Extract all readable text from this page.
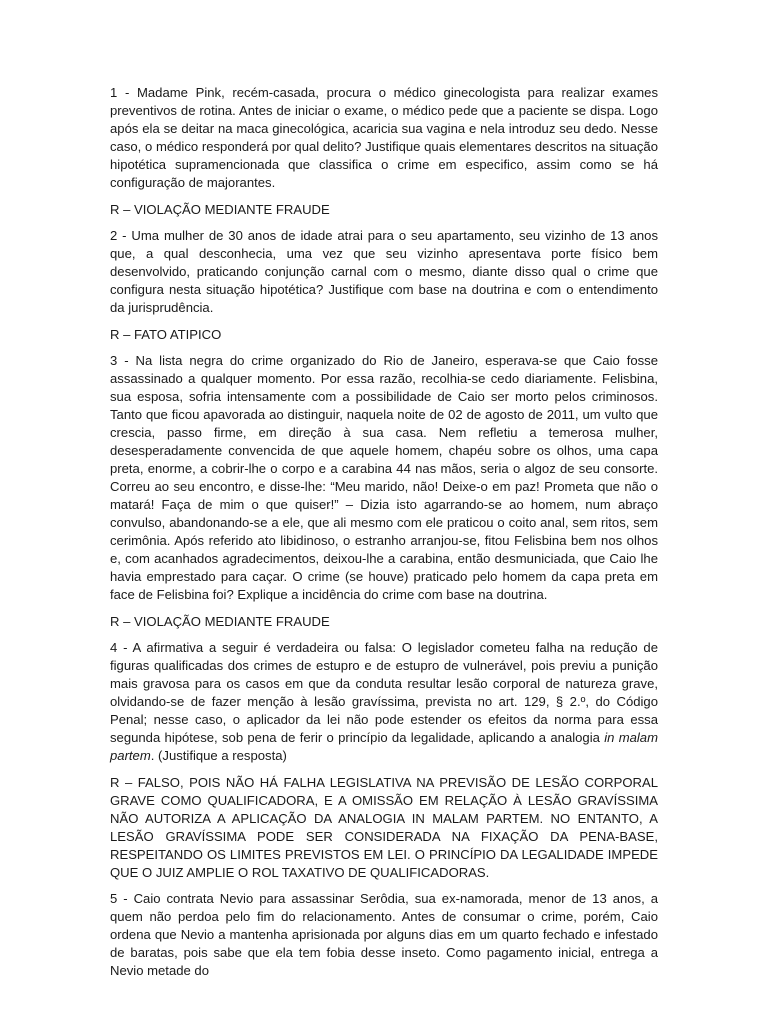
1 - Madame Pink, recém-casada, procura o médico ginecologista para realizar exames preventivos de rotina. Antes de iniciar o exame, o médico pede que a paciente se dispa. Logo após ela se deitar na maca ginecológica, acaricia sua vagina e nela introduz seu dedo. Nesse caso, o médico responderá por qual delito? Justifique quais elementares descritos na situação hipotética supramencionada que classifica o crime em especifico, assim como se há configuração de majorantes.

R – VIOLAÇÃO MEDIANTE FRAUDE

2 - Uma mulher de 30 anos de idade atrai para o seu apartamento, seu vizinho de 13 anos que, a qual desconhecia, uma vez que seu vizinho apresentava porte físico bem desenvolvido, praticando conjunção carnal com o mesmo, diante disso qual o crime que configura nesta situação hipotética? Justifique com base na doutrina e com o entendimento da jurisprudência.

R – FATO ATIPICO

3 - Na lista negra do crime organizado do Rio de Janeiro, esperava-se que Caio fosse assassinado a qualquer momento. Por essa razão, recolhia-se cedo diariamente. Felisbina, sua esposa, sofria intensamente com a possibilidade de Caio ser morto pelos criminosos. Tanto que ficou apavorada ao distinguir, naquela noite de 02 de agosto de 2011, um vulto que crescia, passo firme, em direção à sua casa. Nem refletiu a temerosa mulher, desesperadamente convencida de que aquele homem, chapéu sobre os olhos, uma capa preta, enorme, a cobrir-lhe o corpo e a carabina 44 nas mãos, seria o algoz de seu consorte. Correu ao seu encontro, e disse-lhe: “Meu marido, não! Deixe-o em paz! Prometa que não o matará! Faça de mim o que quiser!” – Dizia isto agarrando-se ao homem, num abraço convulso, abandonando-se a ele, que ali mesmo com ele praticou o coito anal, sem ritos, sem cerimônia. Após referido ato libidinoso, o estranho arranjou-se, fitou Felisbina bem nos olhos e, com acanhados agradecimentos, deixou-lhe a carabina, então desmuniciada, que Caio lhe havia emprestado para caçar. O crime (se houve) praticado pelo homem da capa preta em face de Felisbina foi? Explique a incidência do crime com base na doutrina.

R – VIOLAÇÃO MEDIANTE FRAUDE

4 - A afirmativa a seguir é verdadeira ou falsa: O legislador cometeu falha na redução de figuras qualificadas dos crimes de estupro e de estupro de vulnerável, pois previu a punição mais gravosa para os casos em que da conduta resultar lesão corporal de natureza grave, olvidando-se de fazer menção à lesão gravíssima, prevista no art. 129, § 2.º, do Código Penal; nesse caso, o aplicador da lei não pode estender os efeitos da norma para essa segunda hipótese, sob pena de ferir o princípio da legalidade, aplicando a analogia in malam partem. (Justifique a resposta)

R – FALSO, POIS NÃO HÁ FALHA LEGISLATIVA NA PREVISÃO DE LESÃO CORPORAL GRAVE COMO QUALIFICADORA, E A OMISSÃO EM RELAÇÃO À LESÃO GRAVÍSSIMA NÃO AUTORIZA A APLICAÇÃO DA ANALOGIA IN MALAM PARTEM. NO ENTANTO, A LESÃO GRAVÍSSIMA PODE SER CONSIDERADA NA FIXAÇÃO DA PENA-BASE, RESPEITANDO OS LIMITES PREVISTOS EM LEI. O PRINCÍPIO DA LEGALIDADE IMPEDE QUE O JUIZ AMPLIE O ROL TAXATIVO DE QUALIFICADORAS.

5 - Caio contrata Nevio para assassinar Serôdia, sua ex-namorada, menor de 13 anos, a quem não perdoa pelo fim do relacionamento. Antes de consumar o crime, porém, Caio ordena que Nevio a mantenha aprisionada por alguns dias em um quarto fechado e infestado de baratas, pois sabe que ela tem fobia desse inseto. Como pagamento inicial, entrega a Nevio metade do
